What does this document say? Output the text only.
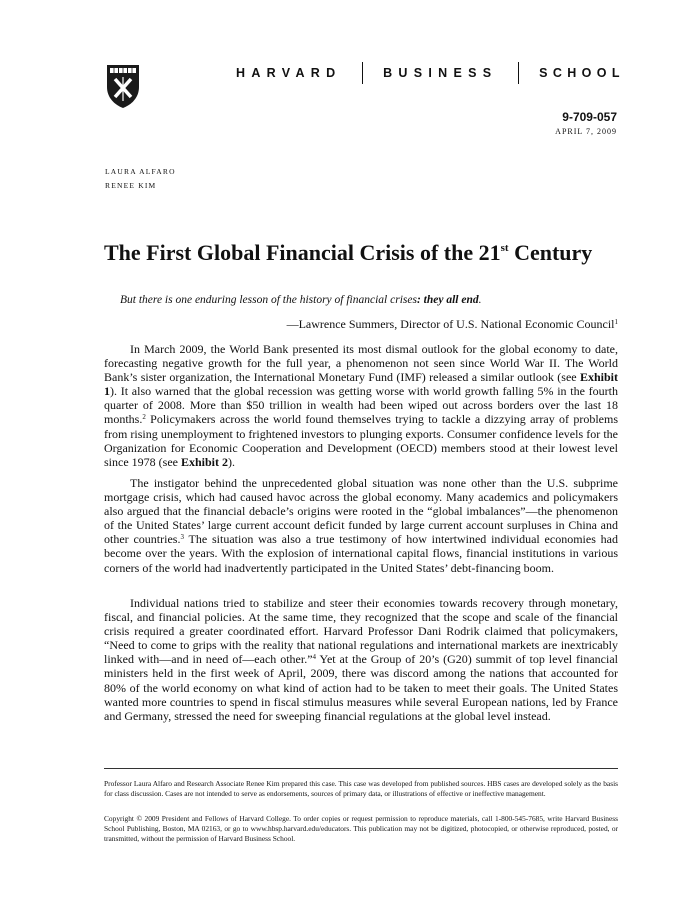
HARVARD	BUSINESS	SCHOOL
9-709-057
APRIL 7, 2009
LAURA ALFARO
RENEE KIM
The First Global Financial Crisis of the 21st Century

But there is one enduring lesson of the history of financial crises: they all end.

—Lawrence Summers, Director of U.S. National Economic Council$^1$

In March 2009, the World Bank presented its most dismal outlook for the global economy to date, forecasting negative growth for the full year, a phenomenon not seen since World War II. The World Bank’s sister organization, the International Monetary Fund (IMF) released a similar outlook (see Exhibit 1). It also warned that the global recession was getting worse with world growth falling 5% in the fourth quarter of 2008. More than $50 trillion in wealth had been wiped out across borders over the last 18 months.$^2$ Policymakers across the world found themselves trying to tackle a dizzying array of problems from rising unemployment to frightened investors to plunging exports. Consumer confidence levels for the Organization for Economic Cooperation and Development (OECD) members stood at their lowest level since 1978 (see Exhibit 2).

The instigator behind the unprecedented global situation was none other than the U.S. subprime mortgage crisis, which had caused havoc across the global economy. Many academics and policymakers also argued that the financial debacle’s origins were rooted in the “global imbalances”—the phenomenon of the United States’ large current account deficit funded by large current account surpluses in China and other countries.$^3$ The situation was also a true testimony of how intertwined individual economies had become over the years. With the explosion of international capital flows, financial institutions in various corners of the world had inadvertently participated in the United States’ debt-financing boom.

Individual nations tried to stabilize and steer their economies towards recovery through monetary, fiscal, and financial policies. At the same time, they recognized that the scope and scale of the financial crisis required a greater coordinated effort. Harvard Professor Dani Rodrik claimed that policymakers, “Need to come to grips with the reality that national regulations and international markets are inextricably linked with—and in need of—each other.”$^4$ Yet at the Group of 20’s (G20) summit of top level financial ministers held in the first week of April, 2009, there was discord among the nations that accounted for 80% of the world economy on what kind of action had to be taken to meet their goals. The United States wanted more countries to spend in fiscal stimulus measures while several European nations, led by France and Germany, stressed the need for sweeping financial regulations at the global level instead.

Professor Laura Alfaro and Research Associate Renee Kim prepared this case. This case was developed from published sources. HBS cases are developed solely as the basis for class discussion. Cases are not intended to serve as endorsements, sources of primary data, or illustrations of effective or ineffective management.

Copyright © 2009 President and Fellows of Harvard College. To order copies or request permission to reproduce materials, call 1-800-545-7685, write Harvard Business School Publishing, Boston, MA 02163, or go to www.hbsp.harvard.edu/educators. This publication may not be digitized, photocopied, or otherwise reproduced, posted, or transmitted, without the permission of Harvard Business School.
